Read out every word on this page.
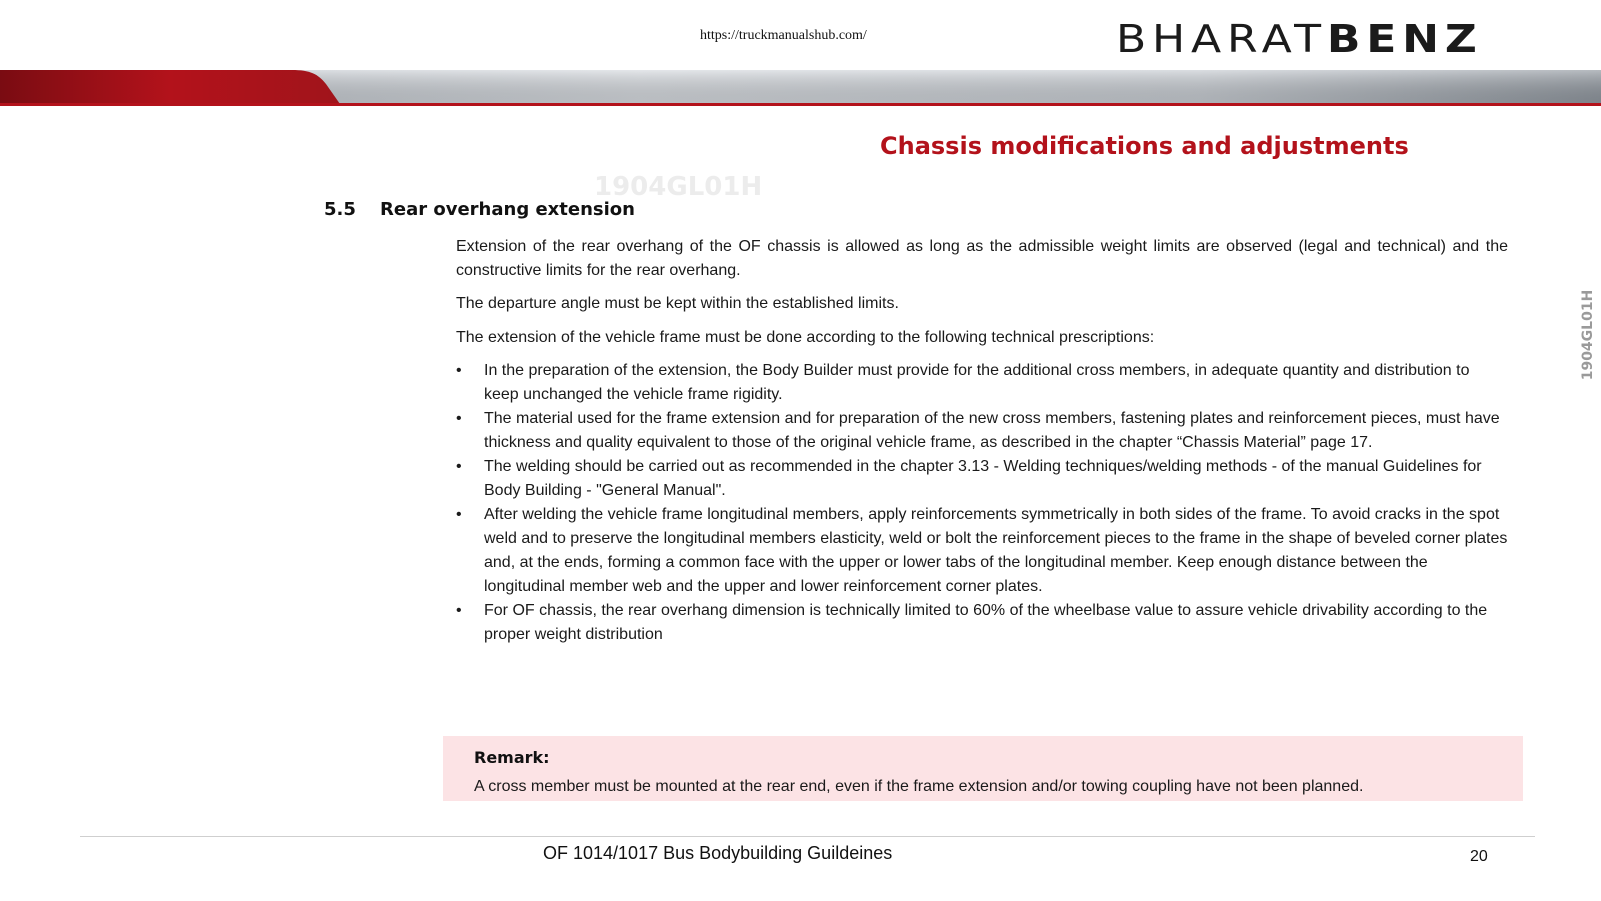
https://truckmanualshub.com/	BHARATBENZ
Chassis modifications and adjustments
1904GL01H
1904GL01H
5.5 Rear overhang extension
Extension of the rear overhang of the OF chassis is allowed as long as the admissible weight limits are observed (legal and technical) and the constructive limits for the rear overhang.
The departure angle must be kept within the established limits.
The extension of the vehicle frame must be done according to the following technical prescriptions:
• In the preparation of the extension, the Body Builder must provide for the additional cross members, in adequate quantity and distribution to keep unchanged the vehicle frame rigidity.
• The material used for the frame extension and for preparation of the new cross members, fastening plates and reinforcement pieces, must have thickness and quality equivalent to those of the original vehicle frame, as described in the chapter “Chassis Material” page 17.
• The welding should be carried out as recommended in the chapter 3.13 - Welding techniques/welding methods - of the manual Guidelines for Body Building - "General Manual".
• After welding the vehicle frame longitudinal members, apply reinforcements symmetrically in both sides of the frame. To avoid cracks in the spot weld and to preserve the longitudinal members elasticity, weld or bolt the reinforcement pieces to the frame in the shape of beveled corner plates and, at the ends, forming a common face with the upper or lower tabs of the longitudinal member. Keep enough distance between the longitudinal member web and the upper and lower reinforcement corner plates.
• For OF chassis, the rear overhang dimension is technically limited to 60% of the wheelbase value to assure vehicle drivability according to the proper weight distribution
Remark:
A cross member must be mounted at the rear end, even if the frame extension and/or towing coupling have not been planned.
OF 1014/1017 Bus Bodybuilding Guildeines	20
